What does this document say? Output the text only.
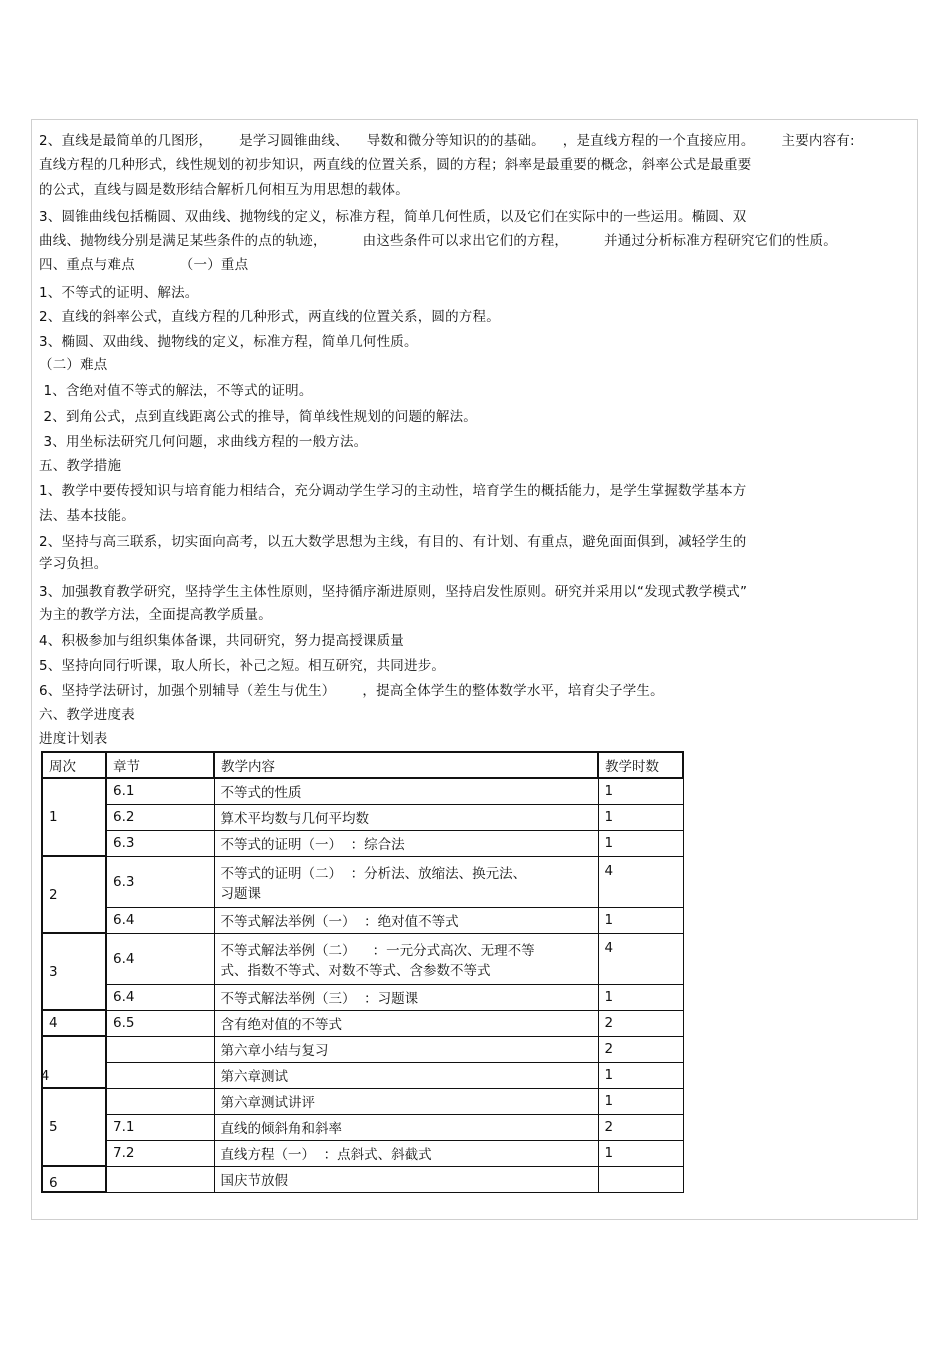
2、直线是最简单的几图形，      是学习圆锥曲线、    导数和微分等知识的的基础。    ，是直线方程的一个直接应用。      主要内容有:
直线方程的几种形式，线性规划的初步知识，两直线的位置关系，圆的方程；斜率是最重要的概念，斜率公式是最重要
的公式，直线与圆是数形结合解析几何相互为用思想的载体。
3、圆锥曲线包括椭圆、双曲线、抛物线的定义，标准方程，简单几何性质，以及它们在实际中的一些运用。椭圆、双
曲线、抛物线分别是满足某些条件的点的轨迹，        由这些条件可以求出它们的方程，        并通过分析标准方程研究它们的性质。
四、重点与难点          （一）重点
1、不等式的证明、解法。
2、直线的斜率公式，直线方程的几种形式，两直线的位置关系，圆的方程。
3、椭圆、双曲线、抛物线的定义，标准方程，简单几何性质。
（二）难点
1、含绝对值不等式的解法，不等式的证明。
2、到角公式，点到直线距离公式的推导，简单线性规划的问题的解法。
3、用坐标法研究几何问题，求曲线方程的一般方法。
五、教学措施
1、教学中要传授知识与培育能力相结合，充分调动学生学习的主动性，培育学生的概括能力，是学生掌握数学基本方
法、基本技能。
2、坚持与高三联系，切实面向高考，以五大数学思想为主线，有目的、有计划、有重点，避免面面俱到，减轻学生的
学习负担。
3、加强教育教学研究，坚持学生主体性原则，坚持循序渐进原则，坚持启发性原则。研究并采用以“发现式教学模式”
为主的教学方法，全面提高教学质量。
4、积极参加与组织集体备课，共同研究，努力提高授课质量
5、坚持向同行听课，取人所长，补己之短。相互研究，共同进步。
6、坚持学法研讨，加强个别辅导（差生与优生）      ，提高全体学生的整体数学水平，培育尖子学生。
六、教学进度表
进度计划表
周次	章节	教学内容	教学时数
1	6.1	不等式的性质	1
	6.2	算术平均数与几何平均数	1
	6.3	不等式的证明（一）  ：综合法	1
2	6.3	不等式的证明（二）  ：分析法、放缩法、换元法、
习题课	4
	6.4	不等式解法举例（一）  ：绝对值不等式	1
3	6.4	不等式解法举例（二）    ：一元分式高次、无理不等
式、指数不等式、对数不等式、含参数不等式	4
	6.4	不等式解法举例（三）  ：习题课	1
4	6.5	含有绝对值的不等式	2
		第六章小结与复习	2
		第六章测试	1
5		第六章测试讲评	1
	7.1	直线的倾斜角和斜率	2
	7.2	直线方程（一）  ：点斜式、斜截式	1
6		国庆节放假	
4
